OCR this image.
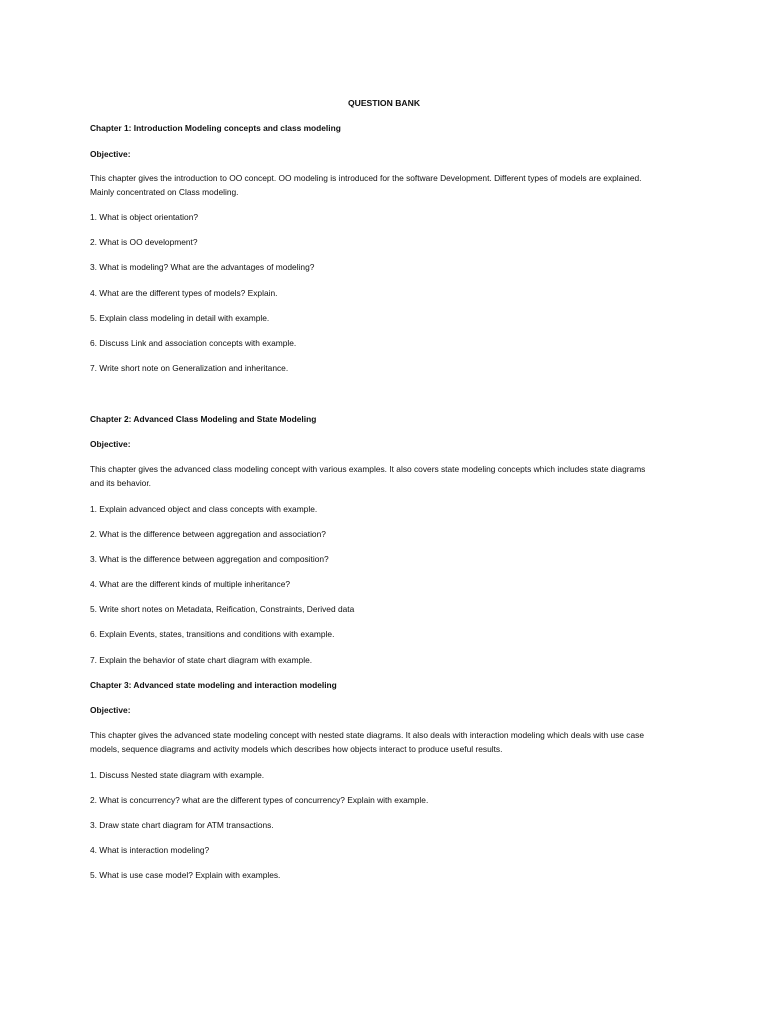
QUESTION BANK

Chapter 1: Introduction Modeling concepts and class modeling

Objective:

This chapter gives the introduction to OO concept. OO modeling is introduced for the software Development. Different types of models are explained.

Mainly concentrated on Class modeling.

1. What is object orientation?

2. What is OO development?

3. What is modeling? What are the advantages of modeling?

4. What are the different types of models? Explain.

5. Explain class modeling in detail with example.

6. Discuss Link and association concepts with example.

7. Write short note on Generalization and inheritance.

Chapter 2: Advanced Class Modeling and State Modeling

Objective:

This chapter gives the advanced class modeling concept with various examples. It also covers state modeling concepts which includes state diagrams

and its behavior.

1. Explain advanced object and class concepts with example.

2. What is the difference between aggregation and association?

3. What is the difference between aggregation and composition?

4. What are the different kinds of multiple inheritance?

5. Write short notes on Metadata, Reification, Constraints, Derived data

6. Explain Events, states, transitions and conditions with example.

7. Explain the behavior of state chart diagram with example.

Chapter 3: Advanced state modeling and interaction modeling

Objective:

This chapter gives the advanced state modeling concept with nested state diagrams. It also deals with interaction modeling which deals with use case

models, sequence diagrams and activity models which describes how objects interact to produce useful results.

1. Discuss Nested state diagram with example.

2. What is concurrency? what are the different types of concurrency? Explain with example.

3. Draw state chart diagram for ATM transactions.

4. What is interaction modeling?

5. What is use case model? Explain with examples.
